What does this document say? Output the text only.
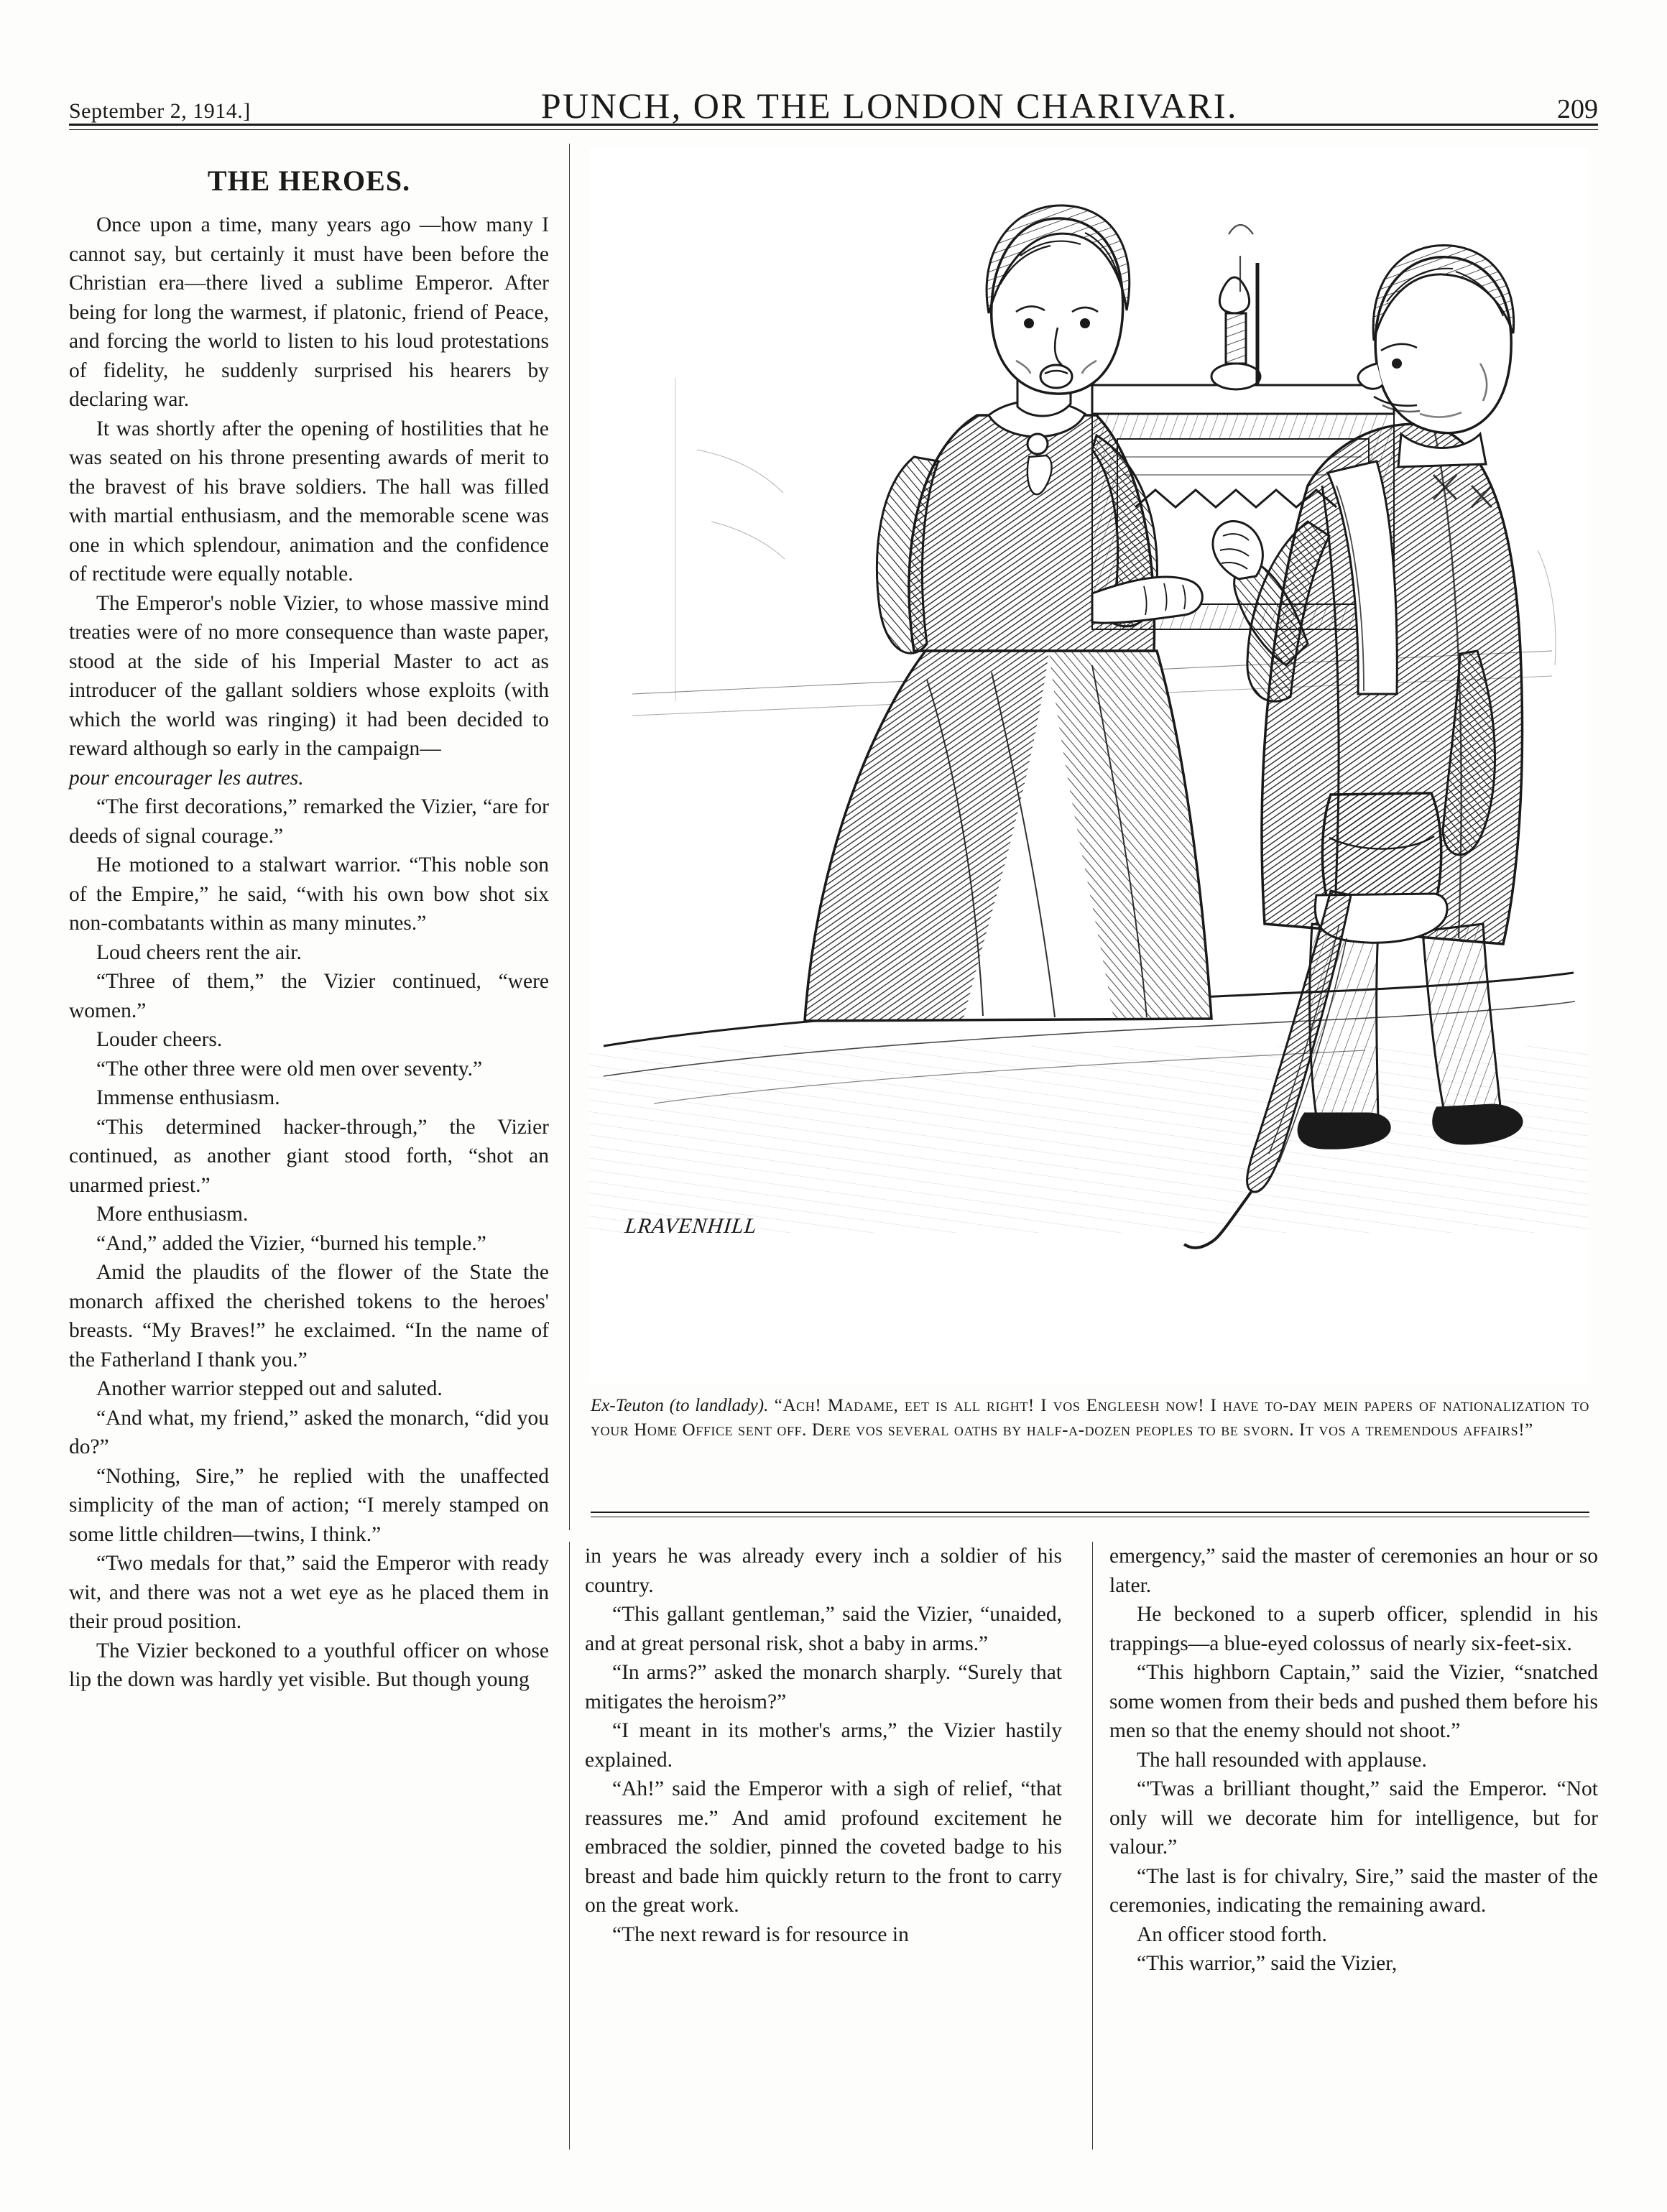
September 2, 1914.]	PUNCH, OR THE LONDON CHARIVARI.	209
THE HEROES.

Once upon a time, many years ago —how many I cannot say, but certainly it must have been before the Christian era—there lived a sublime Emperor. After being for long the warmest, if platonic, friend of Peace, and forcing the world to listen to his loud protestations of fidelity, he suddenly surprised his hearers by declaring war.

It was shortly after the opening of hostilities that he was seated on his throne presenting awards of merit to the bravest of his brave soldiers. The hall was filled with martial enthusiasm, and the memorable scene was one in which splendour, animation and the confidence of rectitude were equally notable.

The Emperor's noble Vizier, to whose massive mind treaties were of no more consequence than waste paper, stood at the side of his Imperial Master to act as introducer of the gallant soldiers whose exploits (with which the world was ringing) it had been decided to reward although so early in the campaign—

pour encourager les autres.

“The first decorations,” remarked the Vizier, “are for deeds of signal courage.”

He motioned to a stalwart warrior. “This noble son of the Empire,” he said, “with his own bow shot six non-combatants within as many minutes.”

Loud cheers rent the air.

“Three of them,” the Vizier continued, “were women.”

Louder cheers.

“The other three were old men over seventy.”

Immense enthusiasm.

“This determined hacker-through,” the Vizier continued, as another giant stood forth, “shot an unarmed priest.”

More enthusiasm.

“And,” added the Vizier, “burned his temple.”

Amid the plaudits of the flower of the State the monarch affixed the cherished tokens to the heroes' breasts. “My Braves!” he exclaimed. “In the name of the Fatherland I thank you.”

Another warrior stepped out and saluted.

“And what, my friend,” asked the monarch, “did you do?”

“Nothing, Sire,” he replied with the unaffected simplicity of the man of action; “I merely stamped on some little children—twins, I think.”

“Two medals for that,” said the Emperor with ready wit, and there was not a wet eye as he placed them in their proud position.

The Vizier beckoned to a youthful officer on whose lip the down was hardly yet visible. But though young

LRAVENHILL
Ex-Teuton (to landlady). “Ach! Madame, eet is all right! I vos Engleesh now! I have to-day mein papers of nationalization to your Home Office sent off. Dere vos several oaths by half-a-dozen peoples to be svorn. It vos a tremendous affairs!”

in years he was already every inch a soldier of his country.

“This gallant gentleman,” said the Vizier, “unaided, and at great personal risk, shot a baby in arms.”

“In arms?” asked the monarch sharply. “Surely that mitigates the heroism?”

“I meant in its mother's arms,” the Vizier hastily explained.

“Ah!” said the Emperor with a sigh of relief, “that reassures me.” And amid profound excitement he embraced the soldier, pinned the coveted badge to his breast and bade him quickly return to the front to carry on the great work.

“The next reward is for resource in

emergency,” said the master of ceremonies an hour or so later.

He beckoned to a superb officer, splendid in his trappings—a blue-eyed colossus of nearly six-feet-six.

“This highborn Captain,” said the Vizier, “snatched some women from their beds and pushed them before his men so that the enemy should not shoot.”

The hall resounded with applause.

“'Twas a brilliant thought,” said the Emperor. “Not only will we decorate him for intelligence, but for valour.”

“The last is for chivalry, Sire,” said the master of the ceremonies, indicating the remaining award.

An officer stood forth.

“This warrior,” said the Vizier,
